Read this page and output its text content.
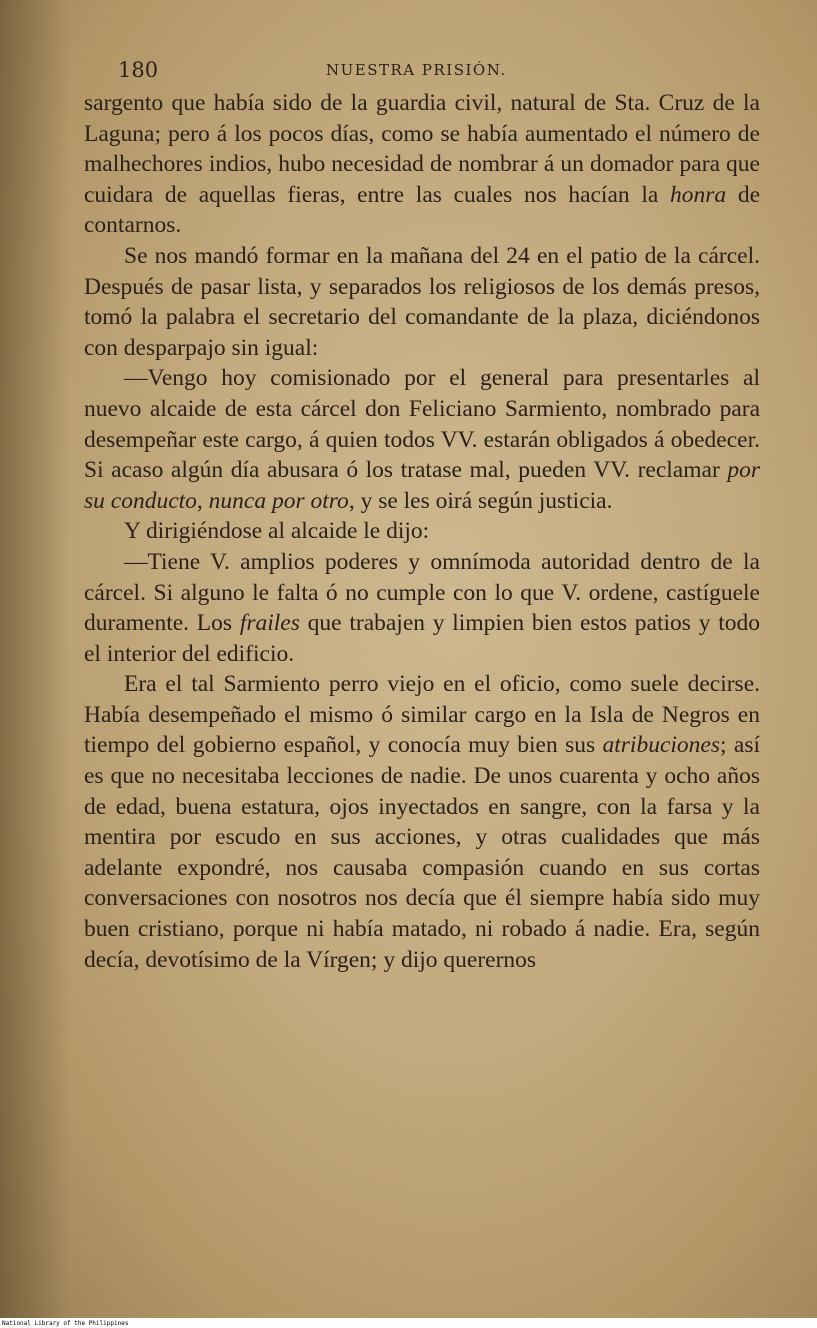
180	NUESTRA PRISIÓN.

sargento que había sido de la guardia civil, natural de Sta. Cruz de la Laguna; pero á los pocos días, como se había aumentado el número de malhechores indios, hubo necesidad de nombrar á un domador para que cuidara de aquellas fieras, entre las cuales nos hacían la honra de contarnos.

Se nos mandó formar en la mañana del 24 en el patio de la cárcel. Después de pasar lista, y separados los religiosos de los demás presos, tomó la palabra el secretario del comandante de la plaza, diciéndonos con desparpajo sin igual:

—Vengo hoy comisionado por el general para presentarles al nuevo alcaide de esta cárcel don Feliciano Sarmiento, nombrado para desempeñar este cargo, á quien todos VV. estarán obligados á obedecer. Si acaso algún día abusara ó los tratase mal, pueden VV. reclamar por su conducto, nunca por otro, y se les oirá según justicia.

Y dirigiéndose al alcaide le dijo:

—Tiene V. amplios poderes y omnímoda autoridad dentro de la cárcel. Si alguno le falta ó no cumple con lo que V. ordene, castíguele duramente. Los frailes que trabajen y limpien bien estos patios y todo el interior del edificio.

Era el tal Sarmiento perro viejo en el oficio, como suele decirse. Había desempeñado el mismo ó similar cargo en la Isla de Negros en tiempo del gobierno español, y conocía muy bien sus atribuciones; así es que no necesitaba lecciones de nadie. De unos cuarenta y ocho años de edad, buena estatura, ojos inyectados en sangre, con la farsa y la mentira por escudo en sus acciones, y otras cualidades que más adelante expondré, nos causaba compasión cuando en sus cortas conversaciones con nosotros nos decía que él siempre había sido muy buen cristiano, porque ni había matado, ni robado á nadie. Era, según decía, devotísimo de la Vírgen; y dijo querernos

National Library of the Philippines
